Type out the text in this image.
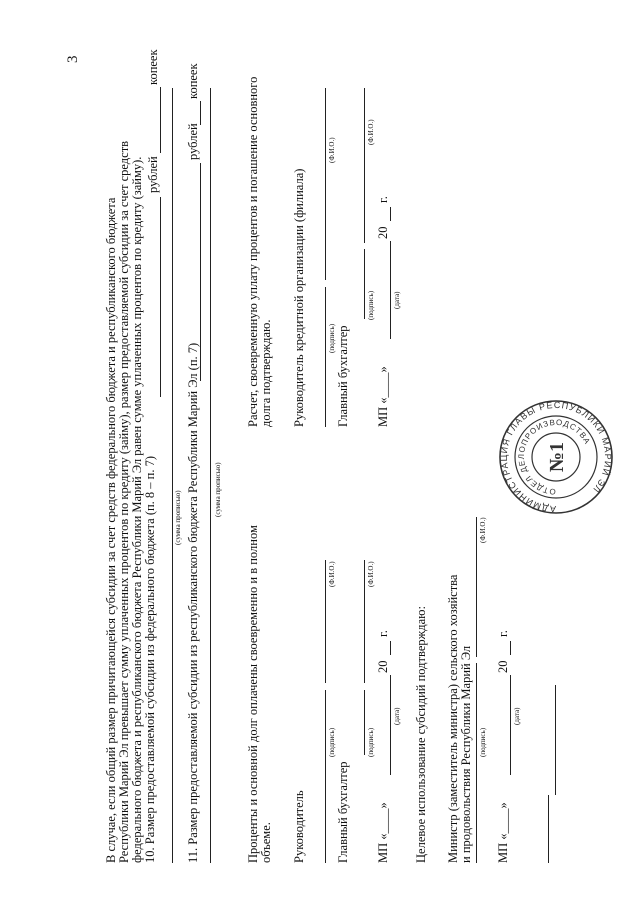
3
В случае, если общий размер причитающейся субсидии за счет средств федерального бюджета и республиканского бюджета Республики Марий Эл превышает сумму уплаченных процентов по кредиту (займу), размер предоставляемой субсидии за счет средств федерального бюджета и республиканского бюджета Республики Марий Эл равен сумме уплаченных процентов по кредиту (займу). 10. Размер предоставляемой субсидии из федерального бюджета (п. 8 – п. 7)
рублей
копеек
(сумма прописью) 11. Размер предоставляемой субсидии из республиканского бюджета Республики Марий Эл (п. 7)
рублей
копеек
(сумма прописью)
Проценты и основной долг оплачены своевременно и в полном объеме. Руководитель
(подпись)
(Ф.И.О.)
Главный бухгалтер
(подпись)
(Ф.И.О.)
МП «____»
20
г.
(дата)
Расчет, своевременную уплату процентов и погашение основного долга подтверждаю. Руководитель кредитной организации (филиала)	(подпись)
(Ф.И.О.)
Главный бухгалтер
(подпись)
(Ф.И.О.)
МП «____»
20
г.
(дата)
Целевое использование субсидий подтверждаю: Министр (заместитель министра) сельского хозяйства и продовольствия Республики Марий Эл (подпись)
(Ф.И.О.)
МП «____»
20
г.
(дата)
АДМИНИСТРАЦИЯ ГЛАВЫ РЕСПУБЛИКИ МАРИЙ ЭЛ
ОТДЕЛ ДЕЛОПРОИЗВОДСТВА
№1
